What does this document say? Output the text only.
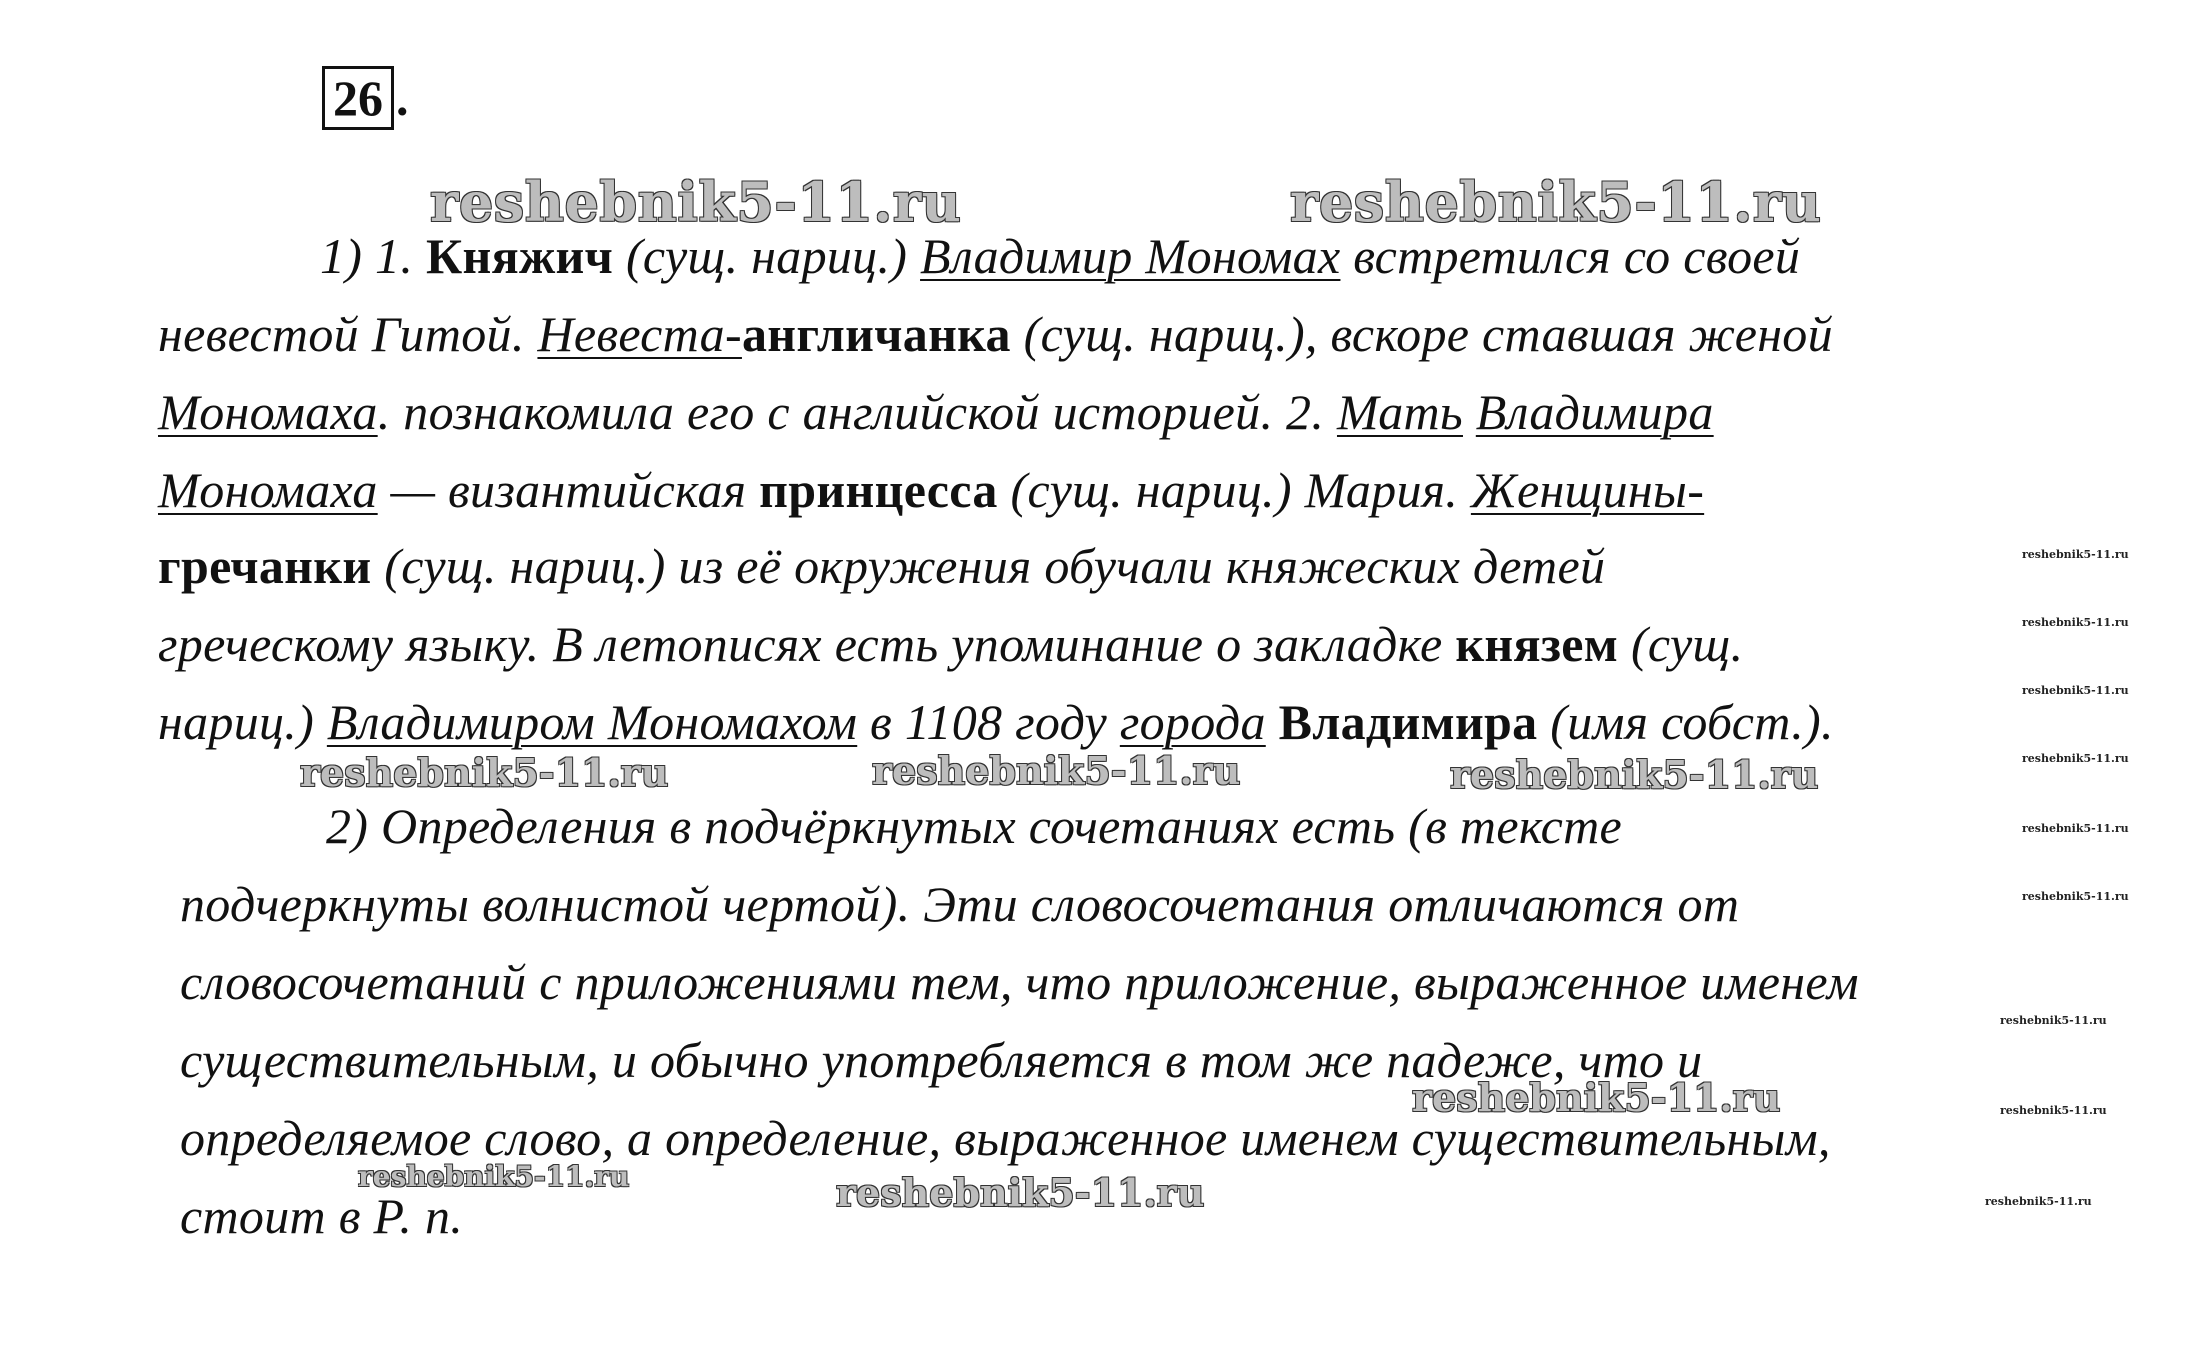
26 .
reshebnik5-11.ru	reshebnik5-11.ru
reshebnik5-11.ru	reshebnik5-11.ru	reshebnik5-11.ru
reshebnik5-11.ru
reshebnik5-11.ru	reshebnik5-11.ru
reshebnik5-11.ru
reshebnik5-11.ru
reshebnik5-11.ru
reshebnik5-11.ru
reshebnik5-11.ru
reshebnik5-11.ru
reshebnik5-11.ru
reshebnik5-11.ru
reshebnik5-11.ru
1) 1. Княжич (сущ. нариц.) Владимир Мономах встретился со своей
невестой Гитой. Невеста-англичанка (сущ. нариц.), вскоре ставшая женой
Мономаха. познакомила его с английской историей. 2. Мать Владимира
Мономаха — византийская принцесса (сущ. нариц.) Мария. Женщины-
гречанки (сущ. нариц.) из её окружения обучали княжеских детей
греческому языку. В летописях есть упоминание о закладке князем (сущ.
нариц.) Владимиром Мономахом в 1108 году города Владимира (имя собст.).
2) Определения в подчёркнутых сочетаниях есть (в тексте
подчеркнуты волнистой чертой). Эти словосочетания отличаются от
словосочетаний с приложениями тем, что приложение, выраженное именем
существительным, и обычно употребляется в том же падеже, что и
определяемое слово, а определение, выраженное именем существительным,
стоит в Р. п.
